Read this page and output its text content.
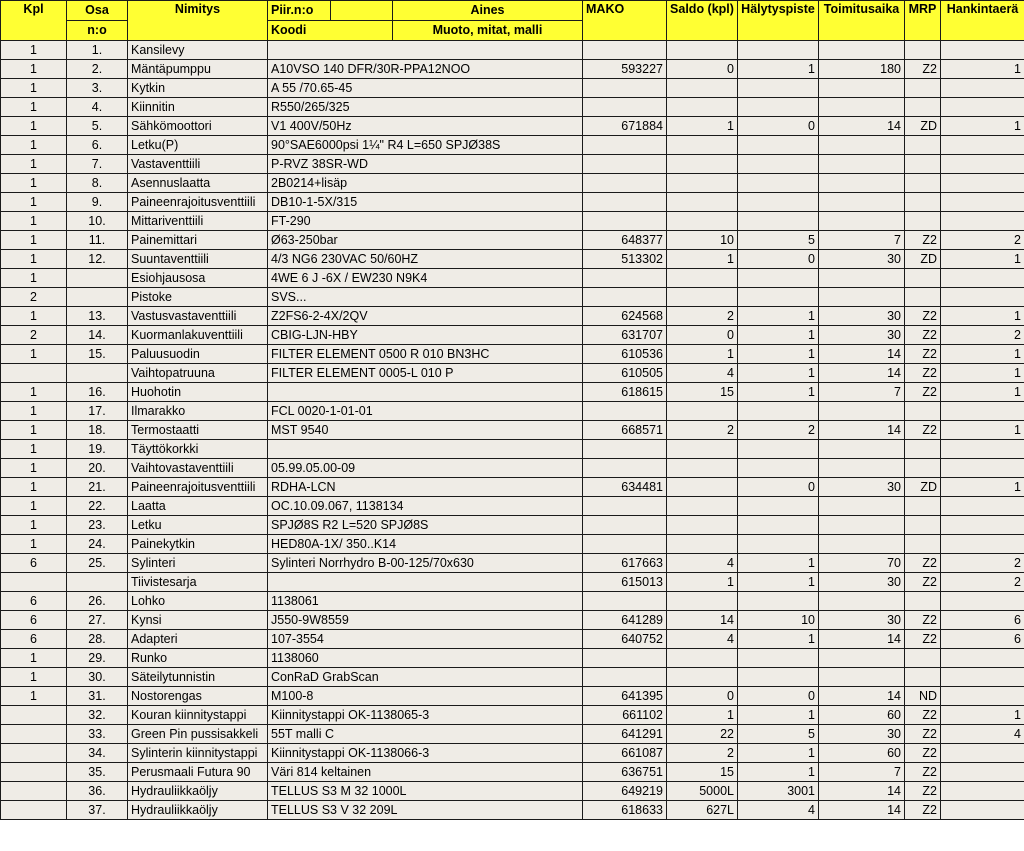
Kpl	Osa	Nimitys	Piir.n:o		Aines	MAKO	Saldo (kpl)	Hälytyspiste	Toimitusaika	MRP	Hankintaerä
	n:o		Koodi		Muoto, mitat, malli						
1	1.	Kansilevy									
1	2.	Mäntäpumppu	A10VSO 140 DFR/30R-PPA12NOO			593227	0	1	180	Z2	1
1	3.	Kytkin	A 55 /70.65-45								
1	4.	Kiinnitin	R550/265/325								
1	5.	Sähkömoottori	V1 400V/50Hz			671884	1	0	14	ZD	1
1	6.	Letku(P)	90°SAE6000psi 1¼" R4 L=650 SPJØ38S								
1	7.	Vastaventtiili	P-RVZ 38SR-WD								
1	8.	Asennuslaatta	2B0214+lisäp								
1	9.	Paineenrajoitusventtiili	DB10-1-5X/315								
1	10.	Mittariventtiili	FT-290								
1	11.	Painemittari	Ø63-250bar			648377	10	5	7	Z2	2
1	12.	Suuntaventtiili	4/3 NG6 230VAC 50/60HZ			513302	1	0	30	ZD	1
1		Esiohjausosa	4WE 6 J -6X / EW230 N9K4								
2		Pistoke	SVS...								
1	13.	Vastusvastaventtiili	Z2FS6-2-4X/2QV			624568	2	1	30	Z2	1
2	14.	Kuormanlakuventtiili	CBIG-LJN-HBY			631707	0	1	30	Z2	2
1	15.	Paluusuodin	FILTER ELEMENT 0500 R 010 BN3HC			610536	1	1	14	Z2	1
		Vaihtopatruuna	FILTER ELEMENT 0005-L 010 P			610505	4	1	14	Z2	1
1	16.	Huohotin				618615	15	1	7	Z2	1
1	17.	Ilmarakko	FCL 0020-1-01-01								
1	18.	Termostaatti	MST 9540			668571	2	2	14	Z2	1
1	19.	Täyttökorkki									
1	20.	Vaihtovastaventtiili	05.99.05.00-09								
1	21.	Paineenrajoitusventtiili	RDHA-LCN			634481		0	30	ZD	1
1	22.	Laatta	OC.10.09.067, 1138134								
1	23.	Letku	SPJØ8S R2 L=520 SPJØ8S								
1	24.	Painekytkin	HED80A-1X/ 350..K14								
6	25.	Sylinteri	Sylinteri Norrhydro B-00-125/70x630			617663	4	1	70	Z2	2
		Tiivistesarja				615013	1	1	30	Z2	2
6	26.	Lohko	1138061								
6	27.	Kynsi	J550-9W8559			641289	14	10	30	Z2	6
6	28.	Adapteri	107-3554			640752	4	1	14	Z2	6
1	29.	Runko	1138060								
1	30.	Säteilytunnistin	ConRaD GrabScan								
1	31.	Nostorengas	M100-8			641395	0	0	14	ND	
	32.	Kouran kiinnitystappi	Kiinnitystappi OK-1138065-3			661102	1	1	60	Z2	1
	33.	Green Pin pussisakkeli	55T malli C			641291	22	5	30	Z2	4
	34.	Sylinterin kiinnitystappi	Kiinnitystappi OK-1138066-3			661087	2	1	60	Z2	
	35.	Perusmaali Futura 90	Väri 814 keltainen			636751	15	1	7	Z2	
	36.	Hydrauliikkaöljy	TELLUS S3 M 32 1000L			649219	5000L	3001	14	Z2	
	37.	Hydrauliikkaöljy	TELLUS S3 V 32 209L			618633	627L	4	14	Z2	
